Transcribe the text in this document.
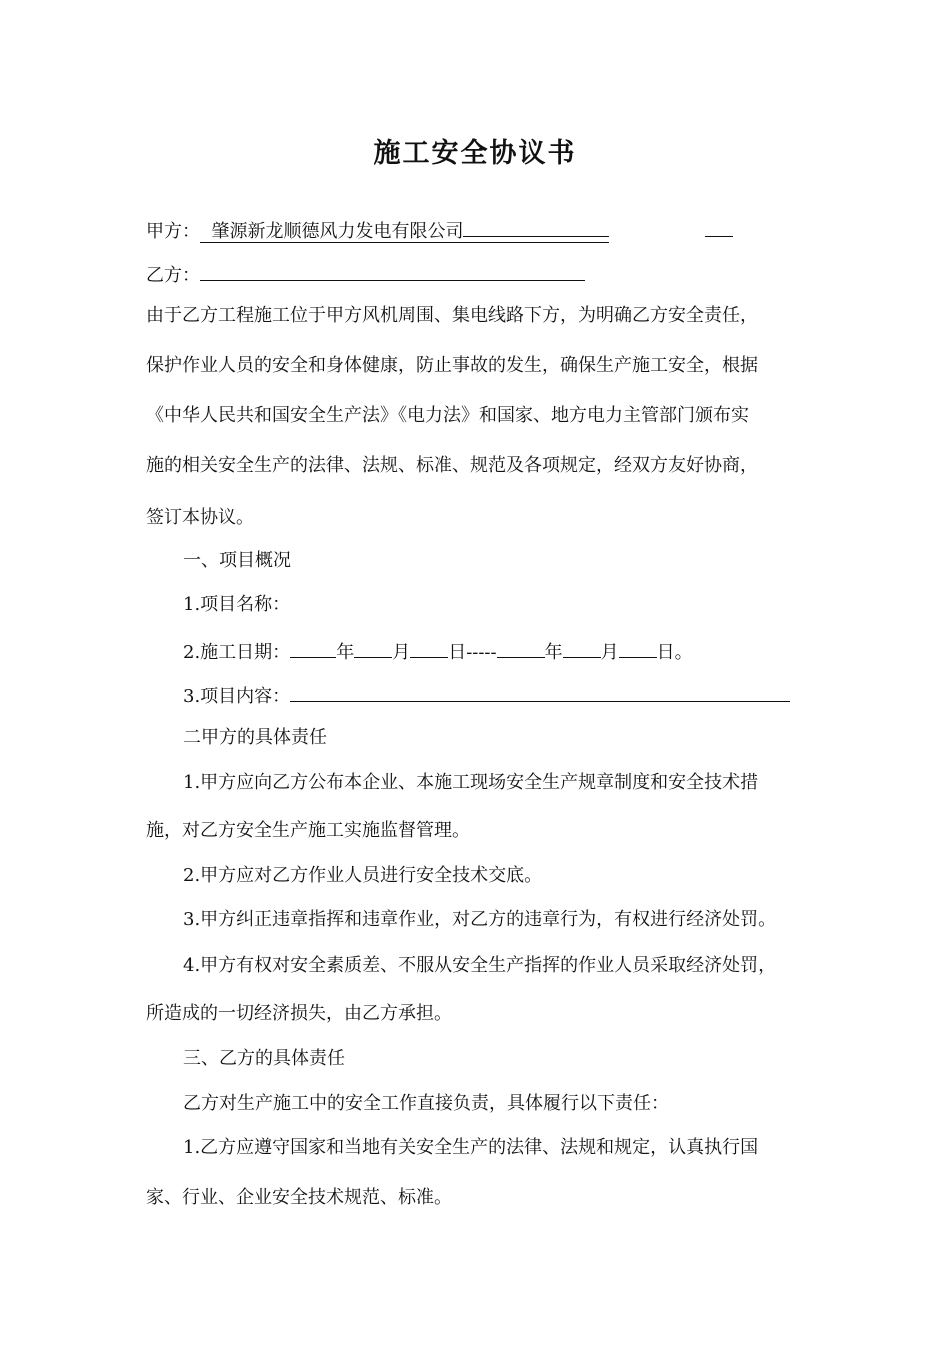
施工安全协议书
甲方： 肇源新龙顺德风力发电有限公司
乙方：
由于乙方工程施工位于甲方风机周围、集电线路下方，为明确乙方安全责任，
保护作业人员的安全和身体健康，防止事故的发生，确保生产施工安全，根据
《中华人民共和国安全生产法》《电力法》和国家、地方电力主管部门颁布实
施的相关安全生产的法律、法规、标准、规范及各项规定，经双方友好协商，
签订本协议。
一、项目概况
1.项目名称：
2.施工日期：	年 月 日-----	年 月 日。
3.项目内容：
二甲方的具体责任
1.甲方应向乙方公布本企业、本施工现场安全生产规章制度和安全技术措
施，对乙方安全生产施工实施监督管理。
2.甲方应对乙方作业人员进行安全技术交底。
3.甲方纠正违章指挥和违章作业，对乙方的违章行为，有权进行经济处罚。
4.甲方有权对安全素质差、不服从安全生产指挥的作业人员采取经济处罚，
所造成的一切经济损失，由乙方承担。
三、乙方的具体责任
乙方对生产施工中的安全工作直接负责，具体履行以下责任：
1.乙方应遵守国家和当地有关安全生产的法律、法规和规定，认真执行国
家、行业、企业安全技术规范、标准。
